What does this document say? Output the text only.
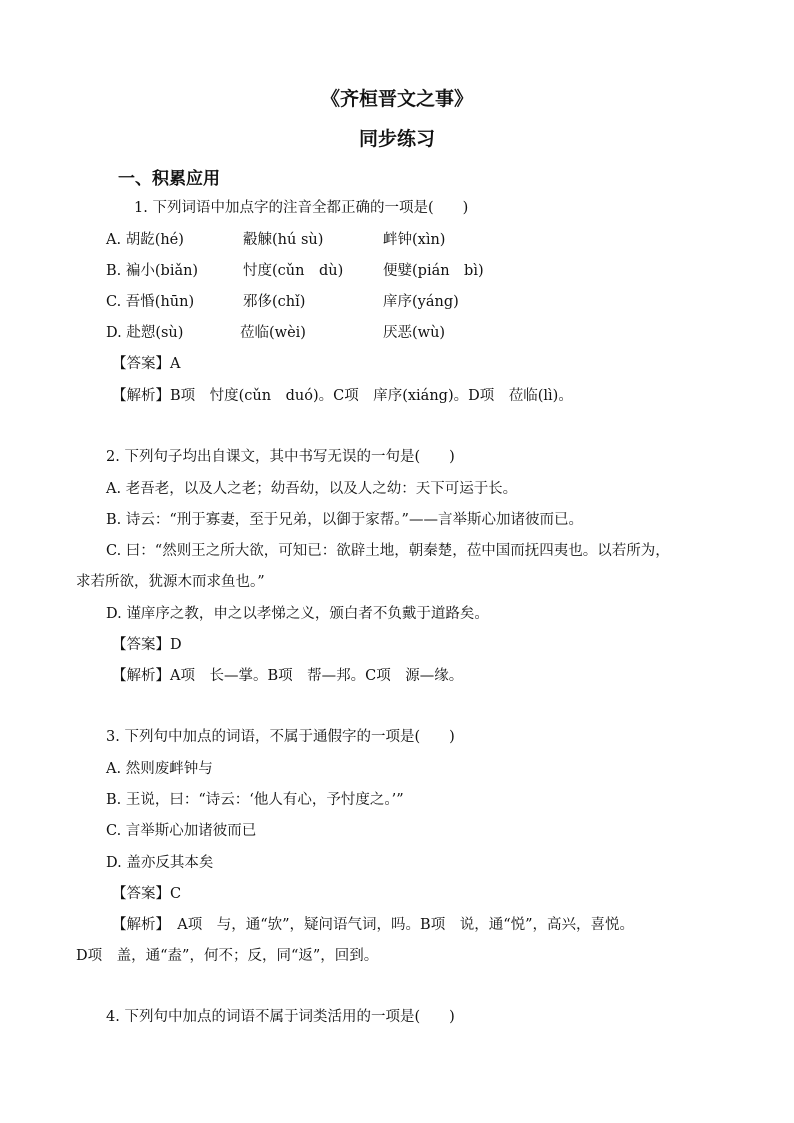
《齐桓晋文之事》
同步练习
一、积累应用
1. 下列词语中加点字的注音全都正确的一项是(　　)
A. 胡龁(hé)	觳觫(hú sù)	衅钟(xìn)
B. 褊小(biǎn)	忖度(cǔn　dù)	便嬖(pián　bì)
C. 吾惛(hūn)	邪侈(chǐ)	庠序(yáng)
D. 赴愬(sù)	莅临(wèi)	厌恶(wù)
【答案】A
【解析】B项　忖度(cǔn　duó)。C项　庠序(xiáng)。D项　莅临(lì)。
2. 下列句子均出自课文，其中书写无误的一句是(　　)
A. 老吾老，以及人之老；幼吾幼，以及人之幼：天下可运于长。
B. 诗云：“刑于寡妻，至于兄弟，以御于家帮。”——言举斯心加诸彼而已。
C. 曰：“然则王之所大欲，可知已：欲辟土地，朝秦楚，莅中国而抚四夷也。以若所为，
求若所欲，犹源木而求鱼也。”
D. 谨庠序之教，申之以孝悌之义，颁白者不负戴于道路矣。
【答案】D
【解析】A项　长—掌。B项　帮—邦。C项　源—缘。
3. 下列句中加点的词语，不属于通假字的一项是(　　)
A. 然则废衅钟与
B. 王说，曰：“诗云：‘他人有心，予忖度之。’”
C. 言举斯心加诸彼而已
D. 盖亦反其本矣
【答案】C
【解析】　A项　与，通“欤”，疑问语气词，吗。B项　说，通“悦”，高兴，喜悦。
D项　盖，通“盍”，何不；反，同“返”，回到。
4. 下列句中加点的词语不属于词类活用的一项是(　　)
